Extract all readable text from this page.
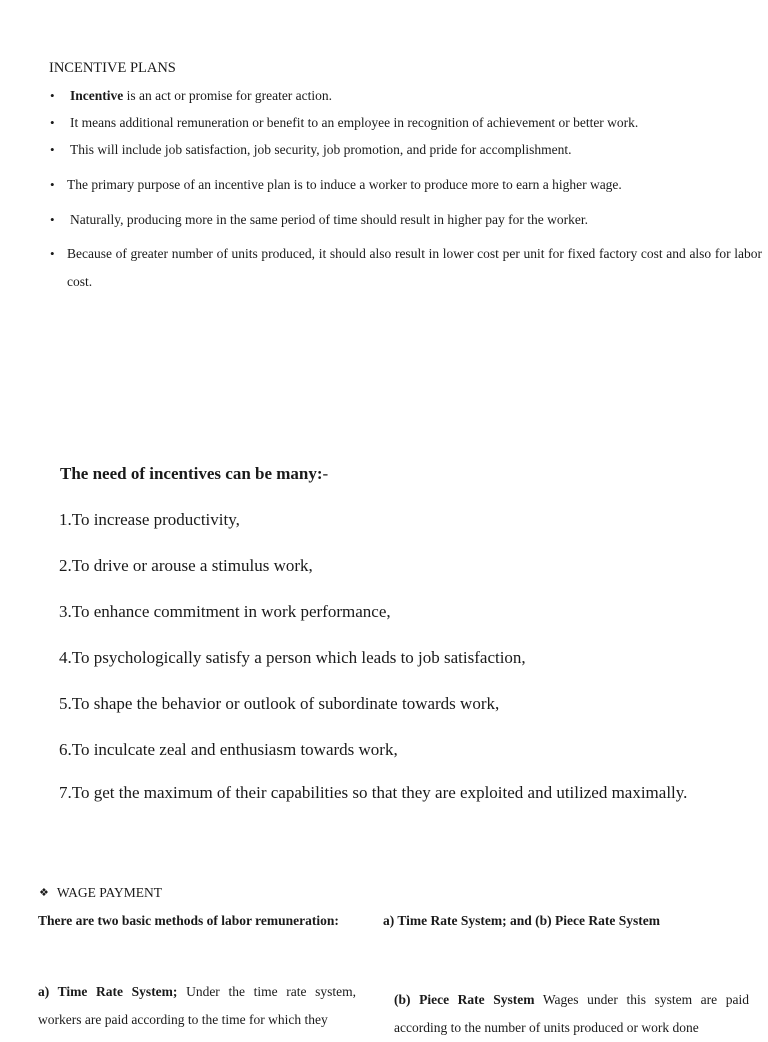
INCENTIVE PLANS
• Incentive is an act or promise for greater action.
• It means additional remuneration or benefit to an employee in recognition of achievement or better work.
• This will include job satisfaction, job security, job promotion, and pride for accomplishment.
• The primary purpose of an incentive plan is to induce a worker to produce more to earn a higher wage.
• Naturally, producing more in the same period of time should result in higher pay for the worker.
• Because of greater number of units produced, it should also result in lower cost per unit for fixed factory cost and also for labor cost.
The need of incentives can be many:-
1.To increase productivity,
2.To drive or arouse a stimulus work,
3.To enhance commitment in work performance,
4.To psychologically satisfy a person which leads to job satisfaction,
5.To shape the behavior or outlook of subordinate towards work,
6.To inculcate zeal and enthusiasm towards work,
7.To get the maximum of their capabilities so that they are exploited and utilized maximally.
❖ WAGE PAYMENT
There are two basic methods of labor remuneration:	a) Time Rate System; and (b) Piece Rate System
a) Time Rate System; Under the time rate system, workers are paid according to the time for which they
(b) Piece Rate System Wages under this system are paid according to the number of units produced or work done
